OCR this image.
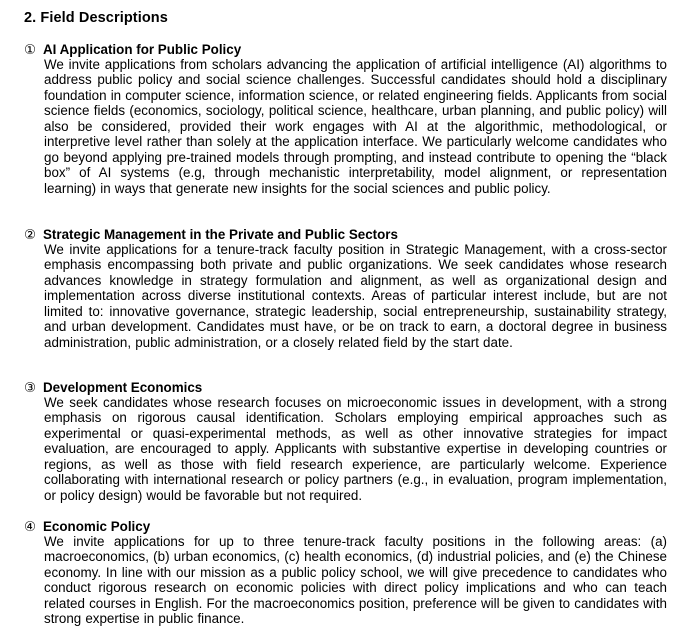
2. Field Descriptions
① AI Application for Public Policy
We invite applications from scholars advancing the application of artificial intelligence (AI) algorithms to address public policy and social science challenges. Successful candidates should hold a disciplinary foundation in computer science, information science, or related engineering fields. Applicants from social science fields (economics, sociology, political science, healthcare, urban planning, and public policy) will also be considered, provided their work engages with AI at the algorithmic, methodological, or interpretive level rather than solely at the application interface. We particularly welcome candidates who go beyond applying pre-trained models through prompting, and instead contribute to opening the “black box” of AI systems (e.g, through mechanistic interpretability, model alignment, or representation learning) in ways that generate new insights for the social sciences and public policy.
② Strategic Management in the Private and Public Sectors
We invite applications for a tenure-track faculty position in Strategic Management, with a cross-sector emphasis encompassing both private and public organizations. We seek candidates whose research advances knowledge in strategy formulation and alignment, as well as organizational design and implementation across diverse institutional contexts. Areas of particular interest include, but are not limited to: innovative governance, strategic leadership, social entrepreneurship, sustainability strategy, and urban development. Candidates must have, or be on track to earn, a doctoral degree in business administration, public administration, or a closely related field by the start date.
③ Development Economics
We seek candidates whose research focuses on microeconomic issues in development, with a strong emphasis on rigorous causal identification. Scholars employing empirical approaches such as experimental or quasi-experimental methods, as well as other innovative strategies for impact evaluation, are encouraged to apply. Applicants with substantive expertise in developing countries or regions, as well as those with field research experience, are particularly welcome. Experience collaborating with international research or policy partners (e.g., in evaluation, program implementation, or policy design) would be favorable but not required.
④ Economic Policy
We invite applications for up to three tenure-track faculty positions in the following areas: (a) macroeconomics, (b) urban economics, (c) health economics, (d) industrial policies, and (e) the Chinese economy. In line with our mission as a public policy school, we will give precedence to candidates who conduct rigorous research on economic policies with direct policy implications and who can teach related courses in English. For the macroeconomics position, preference will be given to candidates with strong expertise in public finance.
